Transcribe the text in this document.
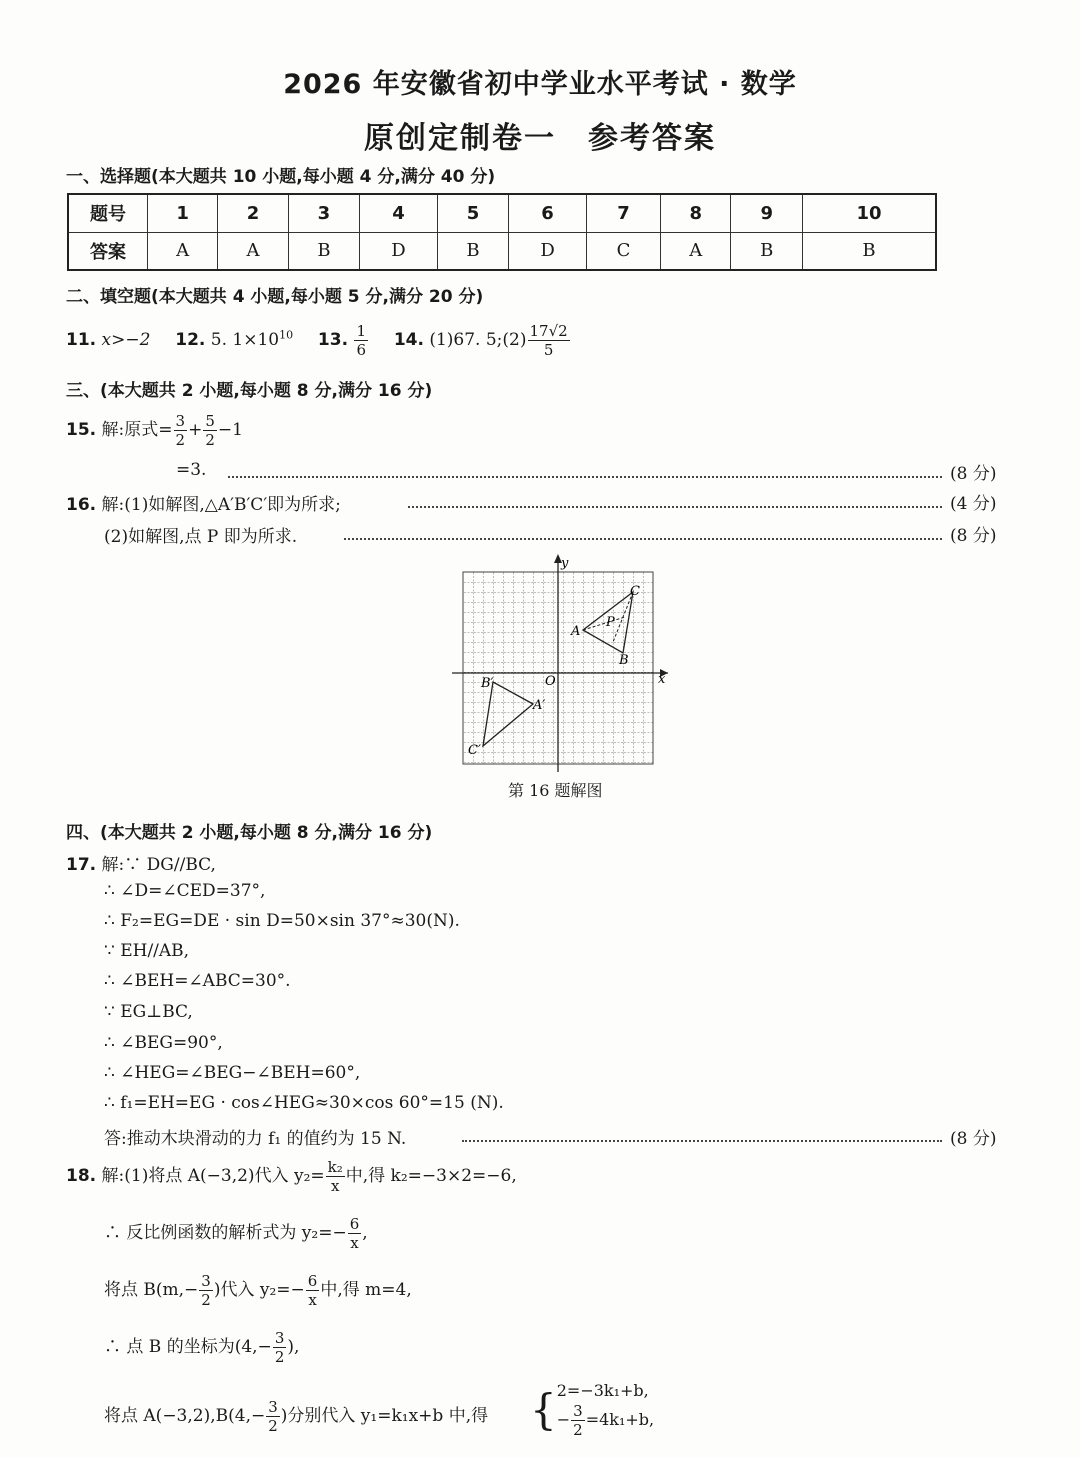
2026 年安徽省初中学业水平考试 · 数学
原创定制卷一　参考答案
一、选择题(本大题共 10 小题,每小题 4 分,满分 40 分)
题号	1	2	3	4	5	6	7	8	9	10
答案	A	A	B	D	B	D	C	A	B	B
二、填空题(本大题共 4 小题,每小题 5 分,满分 20 分)
11. x>−2 12. 5. $1\times 10^{10}$ 13. $\frac{1}{6} 14$. (1)67. 5;(2) $\frac{17√2}{5}$
三、(本大题共 2 小题,每小题 8 分,满分 16 分)
15. 解:原式= $\frac{3}{2} + \frac{5}{2} -1$
=3.	(8 分)
16. 解:(1)如解图,△A′B′C′即为所求;	(4 分)
(2)如解图,点 P 即为所求.	(8 分)
y
x
O
A
B
C
P
A′
B′
C′
第 16 题解图
四、(本大题共 2 小题,每小题 8 分,满分 16 分)
17. 解:∵ DG//BC,
∴ ∠D=∠CED=37°,
∴ F₂=EG=DE · sin D=50×sin 37°≈30(N).
∵ EH//AB,
∴ ∠BEH=∠ABC=30°.
∵ EG⊥BC,
∴ ∠BEG=90°,
∴ ∠HEG=∠BEG−∠BEH=60°,
∴ f₁=EH=EG · cos∠HEG≈30×cos 60°=15 (N).
答:推动木块滑动的力 f₁ 的值约为 15 N.	(8 分)
18. 解:(1)将点 A(−3,2)代入 $y_2= \frac{\text{k₂}}{x}$ 中,得 k₂=−3×2=−6,
∴ 反比例函数的解析式为 $y_2=- \frac{6}{x}$ ,
将点 $B(m,- \frac{3}{2}$ )代入 $y_2=- \frac{6}{x}$ 中,得 m=4,
∴ 点 B 的坐标为($4,- \frac{3}{2}$ ),
将点 $A(-3,2),B(4,- \frac{3}{2}$ )分别代入 y₁=k₁x+b 中,得 { 2=−3k₁+b,
− $\frac{3}{2} =4k_1+b$,
